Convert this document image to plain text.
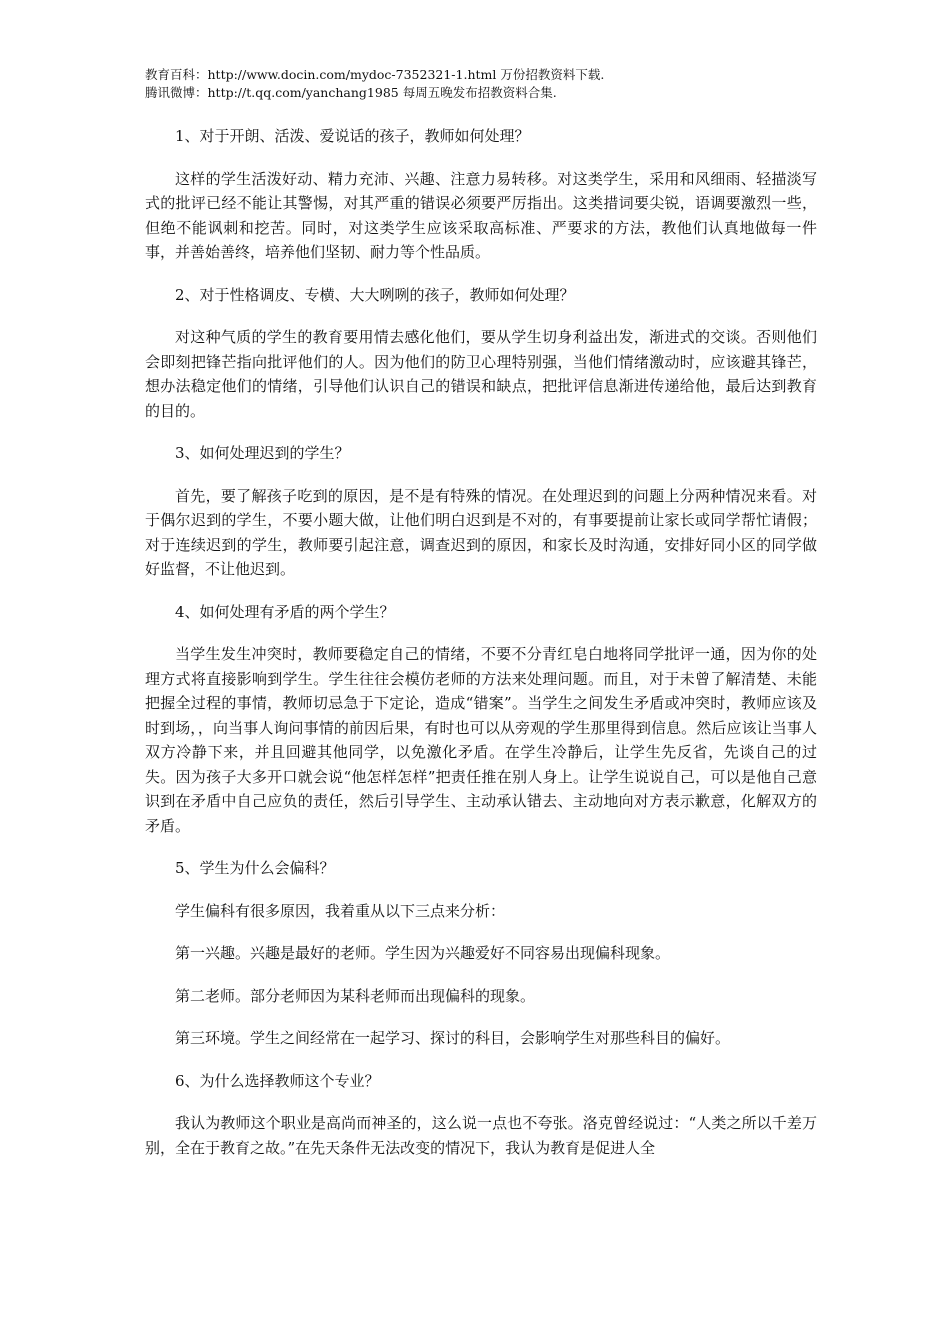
教育百科：http://www.docin.com/mydoc-7352321-1.html 万份招教资料下载.
腾讯微博：http://t.qq.com/yanchang1985 每周五晚发布招教资料合集.

1、对于开朗、活泼、爱说话的孩子，教师如何处理？

这样的学生活泼好动、精力充沛、兴趣、注意力易转移。对这类学生，采用和风细雨、轻描淡写式的批评已经不能让其警惕，对其严重的错误必须要严厉指出。这类措词要尖锐，语调要激烈一些，但绝不能讽刺和挖苦。同时，对这类学生应该采取高标准、严要求的方法，教他们认真地做每一件事，并善始善终，培养他们坚韧、耐力等个性品质。

2、对于性格调皮、专横、大大咧咧的孩子，教师如何处理？

对这种气质的学生的教育要用情去感化他们，要从学生切身利益出发，渐进式的交谈。否则他们会即刻把锋芒指向批评他们的人。因为他们的防卫心理特别强，当他们情绪激动时，应该避其锋芒，想办法稳定他们的情绪，引导他们认识自己的错误和缺点，把批评信息渐进传递给他，最后达到教育的目的。

3、如何处理迟到的学生？

首先，要了解孩子吃到的原因，是不是有特殊的情况。在处理迟到的问题上分两种情况来看。对于偶尔迟到的学生，不要小题大做，让他们明白迟到是不对的，有事要提前让家长或同学帮忙请假；对于连续迟到的学生，教师要引起注意，调查迟到的原因，和家长及时沟通，安排好同小区的同学做好监督，不让他迟到。

4、如何处理有矛盾的两个学生？

当学生发生冲突时，教师要稳定自己的情绪，不要不分青红皂白地将同学批评一通，因为你的处理方式将直接影响到学生。学生往往会模仿老师的方法来处理问题。而且，对于未曾了解清楚、未能把握全过程的事情，教师切忌急于下定论，造成“错案”。当学生之间发生矛盾或冲突时，教师应该及时到场，，向当事人询问事情的前因后果，有时也可以从旁观的学生那里得到信息。然后应该让当事人双方冷静下来，并且回避其他同学，以免激化矛盾。在学生冷静后，让学生先反省，先谈自己的过失。因为孩子大多开口就会说“他怎样怎样”把责任推在别人身上。让学生说说自己，可以是他自己意识到在矛盾中自己应负的责任，然后引导学生、主动承认错去、主动地向对方表示歉意，化解双方的矛盾。

5、学生为什么会偏科？

学生偏科有很多原因，我着重从以下三点来分析：

第一兴趣。兴趣是最好的老师。学生因为兴趣爱好不同容易出现偏科现象。

第二老师。部分老师因为某科老师而出现偏科的现象。

第三环境。学生之间经常在一起学习、探讨的科目，会影响学生对那些科目的偏好。

6、为什么选择教师这个专业？

我认为教师这个职业是高尚而神圣的，这么说一点也不夸张。洛克曾经说过：“人类之所以千差万别，全在于教育之故。”在先天条件无法改变的情况下，我认为教育是促进人全
